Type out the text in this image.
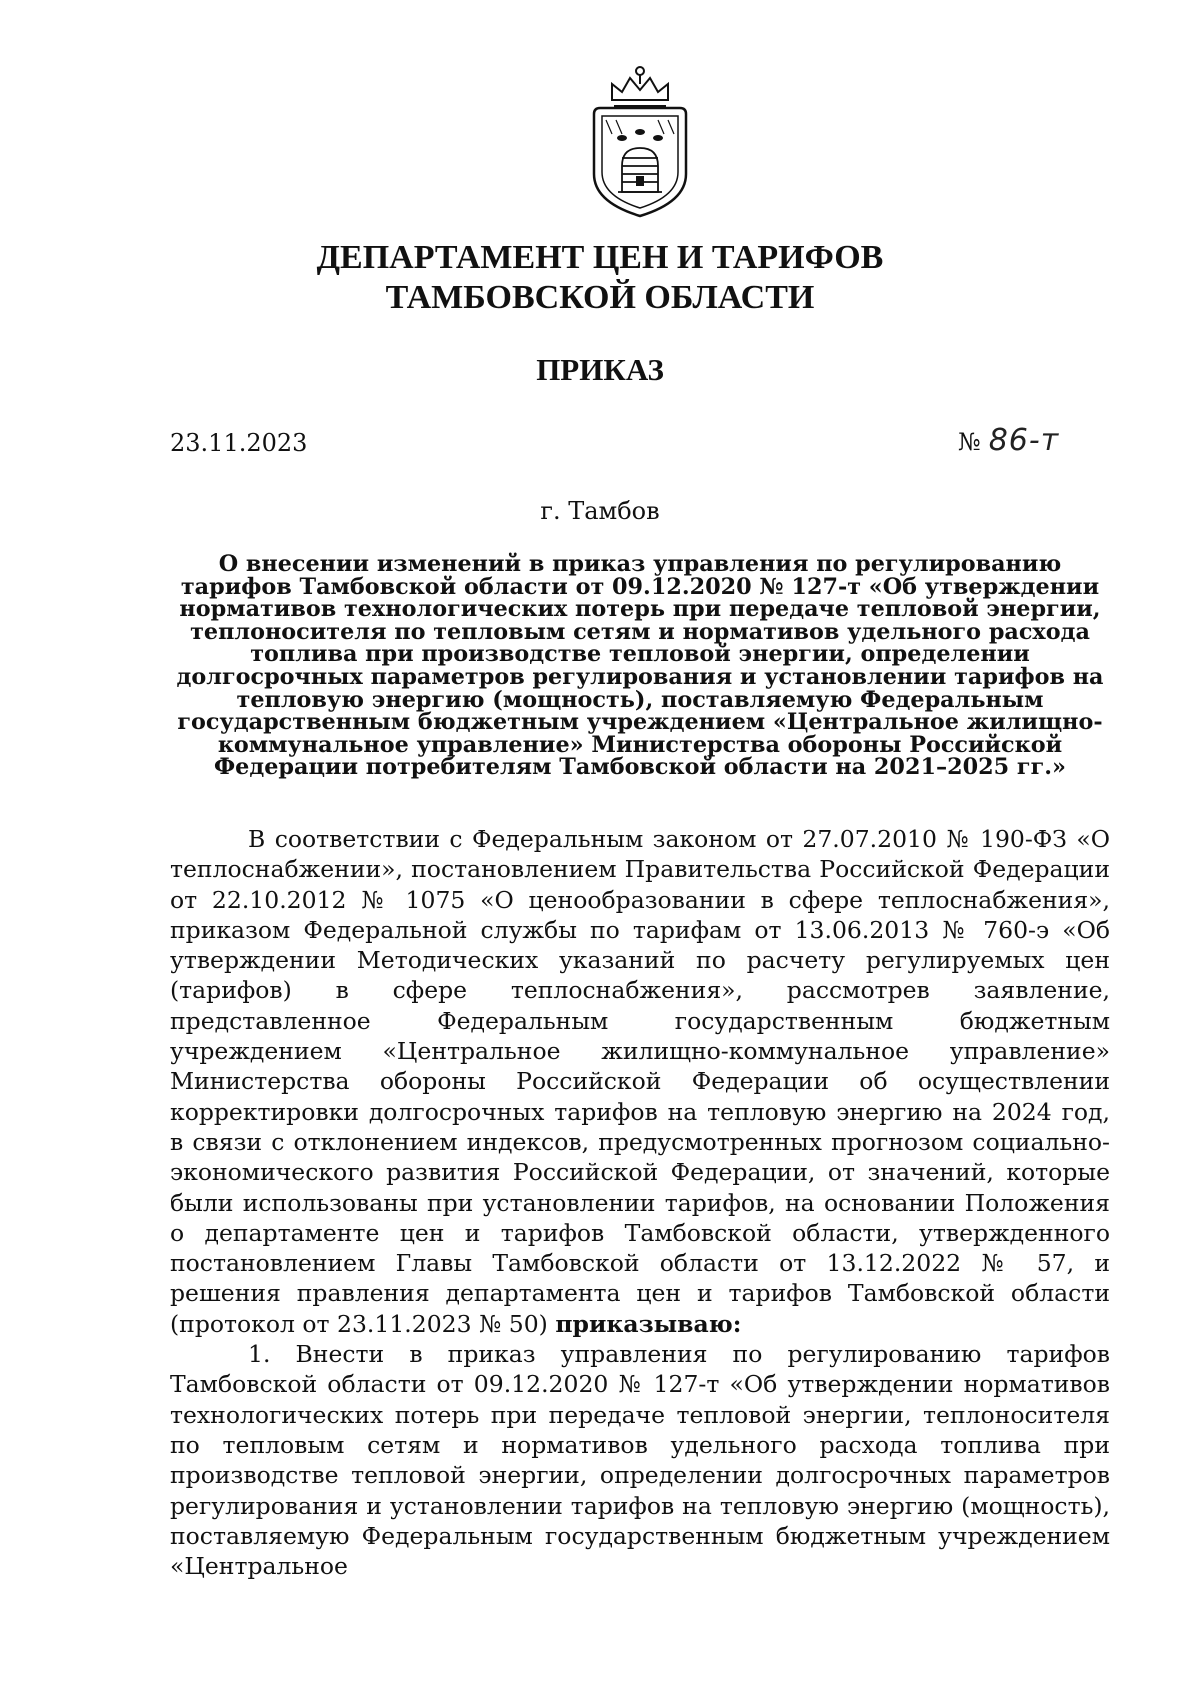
ДЕПАРТАМЕНТ ЦЕН И ТАРИФОВ
ТАМБОВСКОЙ ОБЛАСТИ
ПРИКАЗ
23.11.2023	№ 86-т
г. Тамбов
О внесении изменений в приказ управления по регулированию тарифов Тамбовской области от 09.12.2020 № 127-т «Об утверждении нормативов технологических потерь при передаче тепловой энергии, теплоносителя по тепловым сетям и нормативов удельного расхода топлива при производстве тепловой энергии, определении долгосрочных параметров регулирования и установлении тарифов на тепловую энергию (мощность), поставляемую Федеральным государственным бюджетным учреждением «Центральное жилищно-коммунальное управление» Министерства обороны Российской Федерации потребителям Тамбовской области на 2021–2025 гг.»

В соответствии с Федеральным законом от 27.07.2010 № 190-ФЗ «О теплоснабжении», постановлением Правительства Российской Федерации от 22.10.2012 № 1075 «О ценообразовании в сфере теплоснабжения», приказом Федеральной службы по тарифам от 13.06.2013 № 760-э «Об утверждении Методических указаний по расчету регулируемых цен (тарифов) в сфере теплоснабжения», рассмотрев заявление, представленное Федеральным государственным бюджетным учреждением «Центральное жилищно-коммунальное управление» Министерства обороны Российской Федерации об осуществлении корректировки долгосрочных тарифов на тепловую энергию на 2024 год, в связи с отклонением индексов, предусмотренных прогнозом социально-экономического развития Российской Федерации, от значений, которые были использованы при установлении тарифов, на основании Положения о департаменте цен и тарифов Тамбовской области, утвержденного постановлением Главы Тамбовской области от 13.12.2022 № 57, и решения правления департамента цен и тарифов Тамбовской области (протокол от 23.11.2023 № 50) приказываю:

1. Внести в приказ управления по регулированию тарифов Тамбовской области от 09.12.2020 № 127-т «Об утверждении нормативов технологических потерь при передаче тепловой энергии, теплоносителя по тепловым сетям и нормативов удельного расхода топлива при производстве тепловой энергии, определении долгосрочных параметров регулирования и установлении тарифов на тепловую энергию (мощность), поставляемую Федеральным государственным бюджетным учреждением «Центральное
